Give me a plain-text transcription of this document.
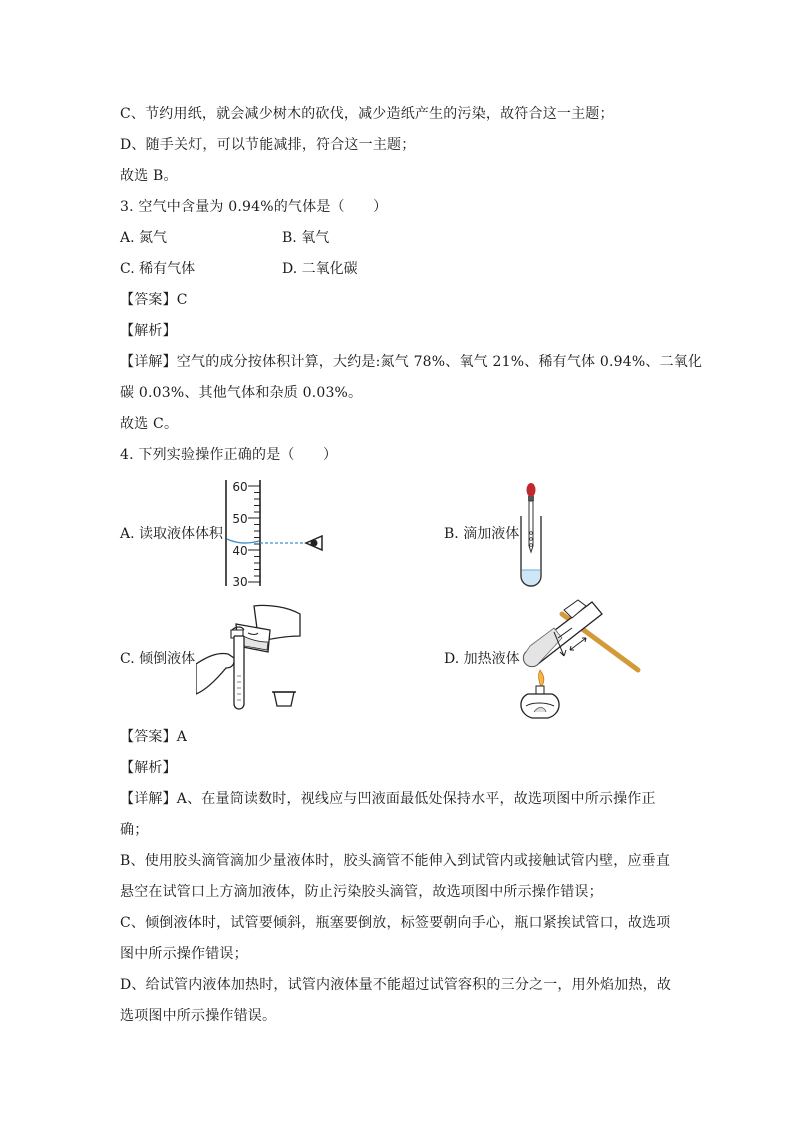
C、节约用纸，就会减少树木的砍伐，减少造纸产生的污染，故符合这一主题；
D、随手关灯，可以节能减排，符合这一主题；
故选 B。
3. 空气中含量为 0.94%的气体是（　　）
A. 氮气	B. 氧气
C. 稀有气体	D. 二氧化碳
【答案】C
【解析】
【详解】空气的成分按体积计算，大约是:氮气 78%、氧气 21%、稀有气体 0.94%、二氧化
碳 0.03%、其他气体和杂质 0.03%。
故选 C。
4. 下列实验操作正确的是（　　）
A. 读取液体体积
60
50
40
30
B. 滴加液体
C. 倾倒液体	D. 加热液体
【答案】A
【解析】
【详解】A、在量筒读数时，视线应与凹液面最低处保持水平，故选项图中所示操作正
确；
B、使用胶头滴管滴加少量液体时，胶头滴管不能伸入到试管内或接触试管内壁，应垂直
悬空在试管口上方滴加液体，防止污染胶头滴管，故选项图中所示操作错误；
C、倾倒液体时，试管要倾斜，瓶塞要倒放，标签要朝向手心，瓶口紧挨试管口，故选项
图中所示操作错误；
D、给试管内液体加热时，试管内液体量不能超过试管容积的三分之一，用外焰加热，故
选项图中所示操作错误。
